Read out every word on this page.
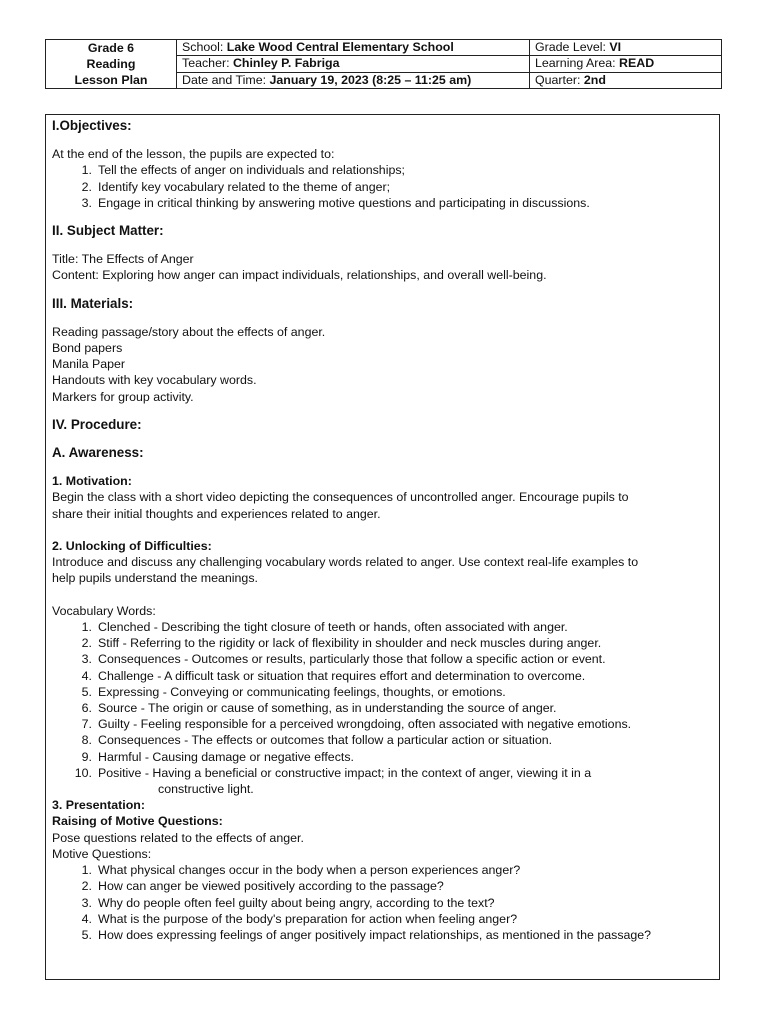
Grade 6
Reading
Lesson Plan	School: Lake Wood Central Elementary School	Grade Level: VI
	Teacher: Chinley P. Fabriga	Learning Area: READ
	Date and Time: January 19, 2023 (8:25 – 11:25 am)	Quarter: 2nd
I.Objectives:
At the end of the lesson, the pupils are expected to:
1. Tell the effects of anger on individuals and relationships;
2. Identify key vocabulary related to the theme of anger;
3. Engage in critical thinking by answering motive questions and participating in discussions.
II. Subject Matter:
Title: The Effects of Anger
Content: Exploring how anger can impact individuals, relationships, and overall well-being.
III. Materials:
Reading passage/story about the effects of anger.
Bond papers
Manila Paper
Handouts with key vocabulary words.
Markers for group activity.
IV. Procedure:
A. Awareness:
1. Motivation:
Begin the class with a short video depicting the consequences of uncontrolled anger. Encourage pupils to
share their initial thoughts and experiences related to anger.
2. Unlocking of Difficulties:
Introduce and discuss any challenging vocabulary words related to anger. Use context real-life examples to
help pupils understand the meanings.
Vocabulary Words:
1. Clenched - Describing the tight closure of teeth or hands, often associated with anger.
2. Stiff - Referring to the rigidity or lack of flexibility in shoulder and neck muscles during anger.
3. Consequences - Outcomes or results, particularly those that follow a specific action or event.
4. Challenge - A difficult task or situation that requires effort and determination to overcome.
5. Expressing - Conveying or communicating feelings, thoughts, or emotions.
6. Source - The origin or cause of something, as in understanding the source of anger.
7. Guilty - Feeling responsible for a perceived wrongdoing, often associated with negative emotions.
8. Consequences - The effects or outcomes that follow a particular action or situation.
9. Harmful - Causing damage or negative effects.
10. Positive - Having a beneficial or constructive impact; in the context of anger, viewing it in a
constructive light.
3. Presentation:
Raising of Motive Questions:
Pose questions related to the effects of anger.
Motive Questions:
1. What physical changes occur in the body when a person experiences anger?
2. How can anger be viewed positively according to the passage?
3. Why do people often feel guilty about being angry, according to the text?
4. What is the purpose of the body's preparation for action when feeling anger?
5. How does expressing feelings of anger positively impact relationships, as mentioned in the passage?
